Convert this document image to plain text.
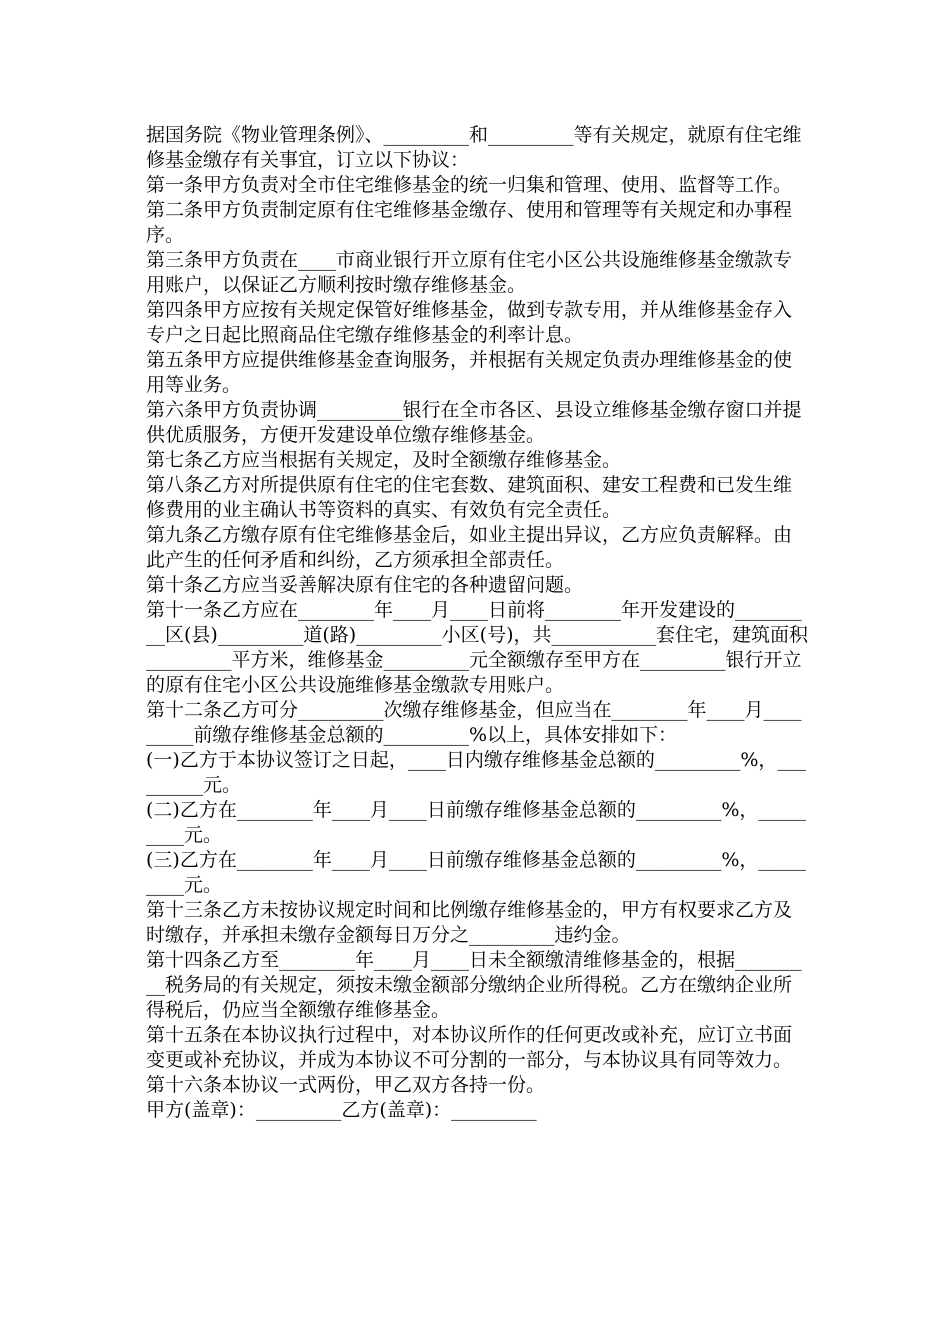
据国务院《物业管理条例》、_________和_________等有关规定，就原有住宅维修基金缴存有关事宜，订立以下协议：

第一条甲方负责对全市住宅维修基金的统一归集和管理、使用、监督等工作。

第二条甲方负责制定原有住宅维修基金缴存、使用和管理等有关规定和办事程序。

第三条甲方负责在____市商业银行开立原有住宅小区公共设施维修基金缴款专用账户，以保证乙方顺利按时缴存维修基金。

第四条甲方应按有关规定保管好维修基金，做到专款专用，并从维修基金存入专户之日起比照商品住宅缴存维修基金的利率计息。

第五条甲方应提供维修基金查询服务，并根据有关规定负责办理维修基金的使用等业务。

第六条甲方负责协调_________银行在全市各区、县设立维修基金缴存窗口并提供优质服务，方便开发建设单位缴存维修基金。

第七条乙方应当根据有关规定，及时全额缴存维修基金。

第八条乙方对所提供原有住宅的住宅套数、建筑面积、建安工程费和已发生维修费用的业主确认书等资料的真实、有效负有完全责任。

第九条乙方缴存原有住宅维修基金后，如业主提出异议，乙方应负责解释。由此产生的任何矛盾和纠纷，乙方须承担全部责任。

第十条乙方应当妥善解决原有住宅的各种遗留问题。

第十一条乙方应在________年____月____日前将________年开发建设的_________区(县)_________道(路)_________小区(号)，共___________套住宅，建筑面积_________平方米，维修基金_________元全额缴存至甲方在_________银行开立的原有住宅小区公共设施维修基金缴款专用账户。

第十二条乙方可分_________次缴存维修基金，但应当在________年____月_________前缴存维修基金总额的_________%以上，具体安排如下：

(一)乙方于本协议签订之日起，____日内缴存维修基金总额的_________%，_________元。

(二)乙方在________年____月____日前缴存维修基金总额的_________%，_________元。

(三)乙方在________年____月____日前缴存维修基金总额的_________%，_________元。

第十三条乙方未按协议规定时间和比例缴存维修基金的，甲方有权要求乙方及时缴存，并承担未缴存金额每日万分之_________违约金。

第十四条乙方至________年____月____日未全额缴清维修基金的，根据_________税务局的有关规定，须按未缴金额部分缴纳企业所得税。乙方在缴纳企业所得税后，仍应当全额缴存维修基金。

第十五条在本协议执行过程中，对本协议所作的任何更改或补充，应订立书面变更或补充协议，并成为本协议不可分割的一部分，与本协议具有同等效力。

第十六条本协议一式两份，甲乙双方各持一份。

甲方(盖章)：_________乙方(盖章)：_________
